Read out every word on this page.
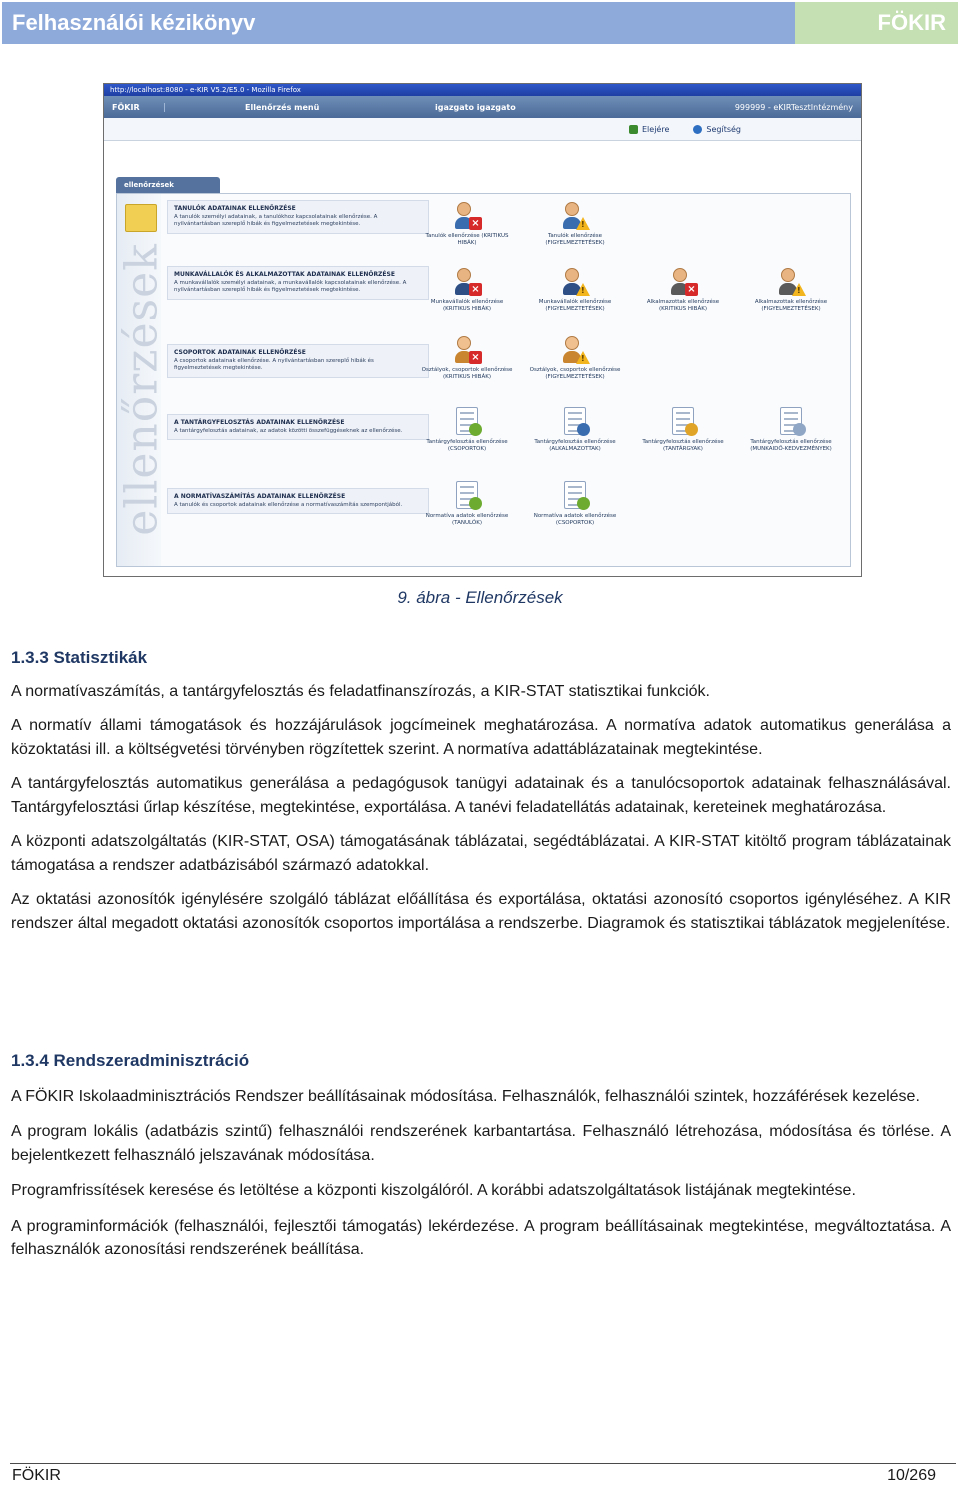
Felhasználói kézikönyv	FÖKIR
http://localhost:8080 - e-KIR V5.2/E5.0 - Mozilla Firefox
FÖKIR	Ellenőrzés menü	igazgato igazgato	999999 - eKIRTesztIntézmény
Elejére	Segítség
ellenőrzések
ellenőrzések
TANULÓK ADATAINAK ELLENŐRZÉSE
A tanulók személyi adatainak, a tanulókhoz kapcsolatainak ellenőrzése. A nyilvántartásban szereplő hibák és figyelmeztetések megtekintése.
MUNKAVÁLLALÓK ÉS ALKALMAZOTTAK ADATAINAK ELLENŐRZÉSE
A munkavállalók személyi adatainak, a munkavállalók kapcsolatainak ellenőrzése. A nyilvántartásban szereplő hibák és figyelmeztetések megtekintése.
CSOPORTOK ADATAINAK ELLENŐRZÉSE
A csoportok adatainak ellenőrzése. A nyilvántartásban szereplő hibák és figyelmeztetések megtekintése.
A TANTÁRGYFELOSZTÁS ADATAINAK ELLENŐRZÉSE
A tantárgyfelosztás adatainak, az adatok közötti összefüggéseknek az ellenőrzése.
A NORMATÍVASZÁMÍTÁS ADATAINAK ELLENŐRZÉSE
A tanulók és csoportok adatainak ellenőrzése a normatívaszámítás szempontjából.
×
Tanulók ellenőrzése (KRITIKUS HIBÁK)
!
Tanulók ellenőrzése (FIGYELMEZTETÉSEK)
×
Munkavállalók ellenőrzése (KRITIKUS HIBÁK)
!
Munkavállalók ellenőrzése (FIGYELMEZTETÉSEK)
×
Alkalmazottak ellenőrzése (KRITIKUS HIBÁK)
!
Alkalmazottak ellenőrzése (FIGYELMEZTETÉSEK)
×
Osztályok, csoportok ellenőrzése (KRITIKUS HIBÁK)
!
Osztályok, csoportok ellenőrzése (FIGYELMEZTETÉSEK)
Tantárgyfelosztás ellenőrzése (CSOPORTOK)
Tantárgyfelosztás ellenőrzése (ALKALMAZOTTAK)
Tantárgyfelosztás ellenőrzése (TANTÁRGYAK)
Tantárgyfelosztás ellenőrzése (MUNKAIDŐ-KEDVEZMÉNYEK)
Normatíva adatok ellenőrzése (TANULÓK)
Normatíva adatok ellenőrzése (CSOPORTOK)
9. ábra - Ellenőrzések
1.3.3 Statisztikák

A normatívaszámítás, a tantárgyfelosztás és feladatfinanszírozás, a KIR-STAT statisztikai funkciók.

A normatív állami támogatások és hozzájárulások jogcímeinek meghatározása. A normatíva adatok automatikus generálása a közoktatási ill. a költségvetési törvényben rögzítettek szerint. A normatíva adattáblázatainak megtekintése.

A tantárgyfelosztás automatikus generálása a pedagógusok tanügyi adatainak és a tanulócsoportok adatainak felhasználásával. Tantárgyfelosztási űrlap készítése, megtekintése, exportálása. A tanévi feladatellátás adatainak, kereteinek meghatározása.

A központi adatszolgáltatás (KIR-STAT, OSA) támogatásának táblázatai, segédtáblázatai. A KIR-STAT kitöltő program táblázatainak támogatása a rendszer adatbázisából származó adatokkal.

Az oktatási azonosítók igénylésére szolgáló táblázat előállítása és exportálása, oktatási azonosító csoportos igényléséhez. A KIR rendszer által megadott oktatási azonosítók csoportos importálása a rendszerbe. Diagramok és statisztikai táblázatok megjelenítése.

1.3.4 Rendszeradminisztráció

A FÖKIR Iskolaadminisztrációs Rendszer beállításainak módosítása. Felhasználók, felhasználói szintek, hozzáférések kezelése.

A program lokális (adatbázis szintű) felhasználói rendszerének karbantartása. Felhasználó létrehozása, módosítása és törlése. A bejelentkezett felhasználó jelszavának módosítása.

Programfrissítések keresése és letöltése a központi kiszolgálóról. A korábbi adatszolgáltatások listájának megtekintése.

A programinformációk (felhasználói, fejlesztői támogatás) lekérdezése. A program beállításainak megtekintése, megváltoztatása. A felhasználók azonosítási rendszerének beállítása.

FÖKIR	10/269
